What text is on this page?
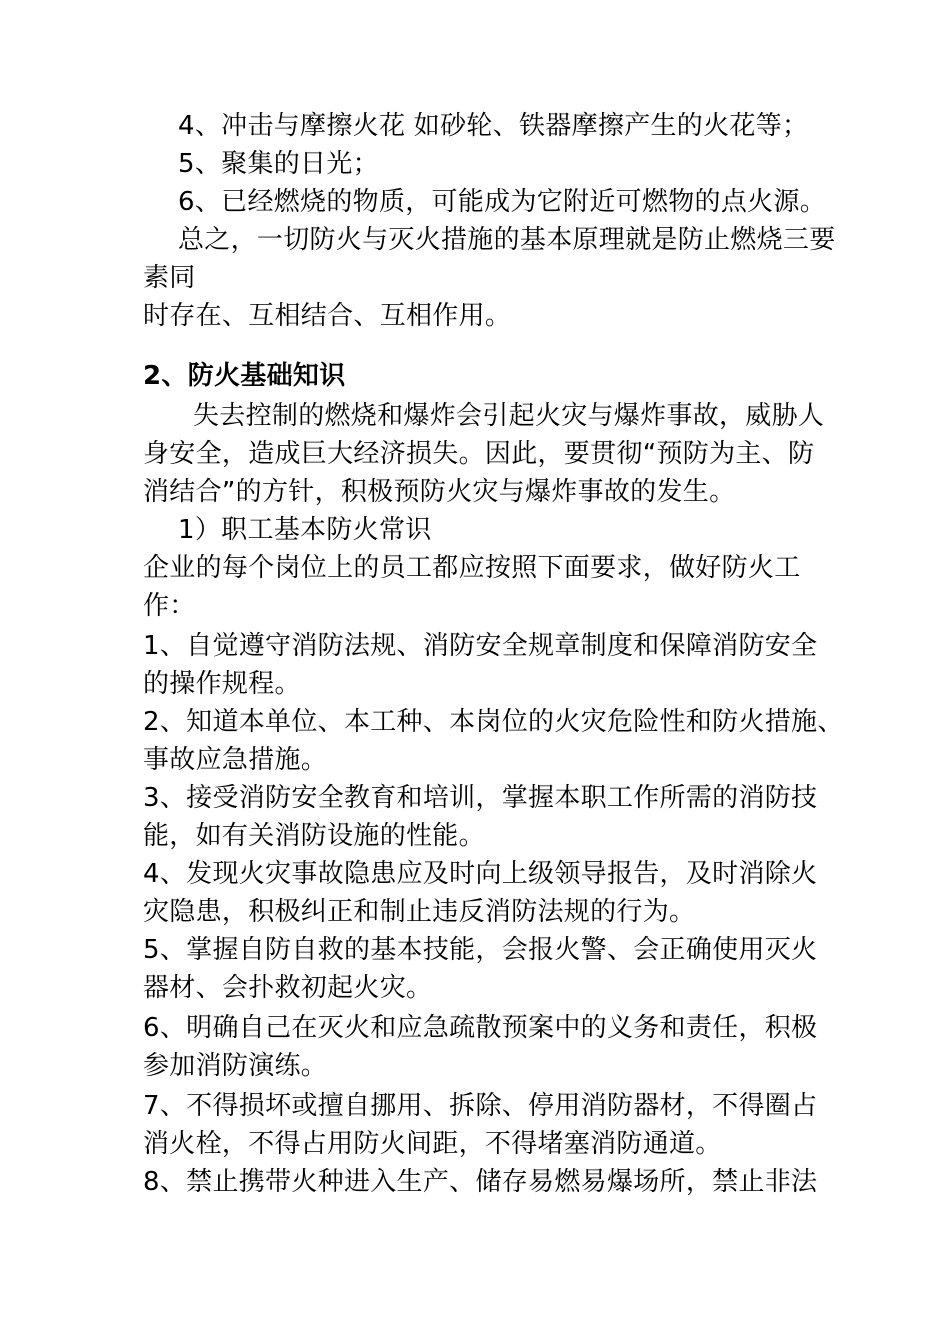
4、冲击与摩擦火花 如砂轮、铁器摩擦产生的火花等；
5、聚集的日光；
6、已经燃烧的物质，可能成为它附近可燃物的点火源。
总之，一切防火与灭火措施的基本原理就是防止燃烧三要
素同
时存在、互相结合、互相作用。
2、防火基础知识
失去控制的燃烧和爆炸会引起火灾与爆炸事故，威胁人
身安全，造成巨大经济损失。因此，要贯彻“预防为主、防
消结合”的方针，积极预防火灾与爆炸事故的发生。
1）职工基本防火常识
企业的每个岗位上的员工都应按照下面要求，做好防火工
作：
1、自觉遵守消防法规、消防安全规章制度和保障消防安全
的操作规程。
2、知道本单位、本工种、本岗位的火灾危险性和防火措施、
事故应急措施。
3、接受消防安全教育和培训，掌握本职工作所需的消防技
能，如有关消防设施的性能。
4、发现火灾事故隐患应及时向上级领导报告，及时消除火
灾隐患，积极纠正和制止违反消防法规的行为。
5、掌握自防自救的基本技能，会报火警、会正确使用灭火
器材、会扑救初起火灾。
6、明确自己在灭火和应急疏散预案中的义务和责任，积极
参加消防演练。
7、不得损坏或擅自挪用、拆除、停用消防器材，不得圈占
消火栓，不得占用防火间距，不得堵塞消防通道。
8、禁止携带火种进入生产、储存易燃易爆场所，禁止非法
